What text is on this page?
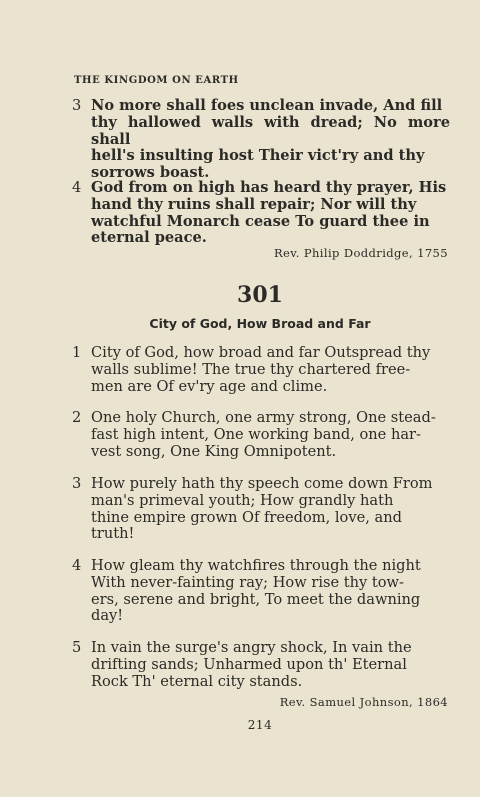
THE KINGDOM ON EARTH
3 No more shall foes unclean invade, And fill
thy hallowed walls with dread; No more shall
hell's insulting host Their vict'ry and thy
sorrows boast.
4 God from on high has heard thy prayer, His
hand thy ruins shall repair; Nor will thy
watchful Monarch cease To guard thee in
eternal peace.
Rev. Philip Doddridge, 1755
301
City of God, How Broad and Far
1 City of God, how broad and far Outspread thy
walls sublime! The true thy chartered free-
men are Of ev'ry age and clime.
2 One holy Church, one army strong, One stead-
fast high intent, One working band, one har-
vest song, One King Omnipotent.
3 How purely hath thy speech come down From
man's primeval youth; How grandly hath
thine empire grown Of freedom, love, and
truth!
4 How gleam thy watchfires through the night
With never-fainting ray; How rise thy tow-
ers, serene and bright, To meet the dawning
day!
5 In vain the surge's angry shock, In vain the
drifting sands; Unharmed upon th' Eternal
Rock Th' eternal city stands.
Rev. Samuel Johnson, 1864
214
